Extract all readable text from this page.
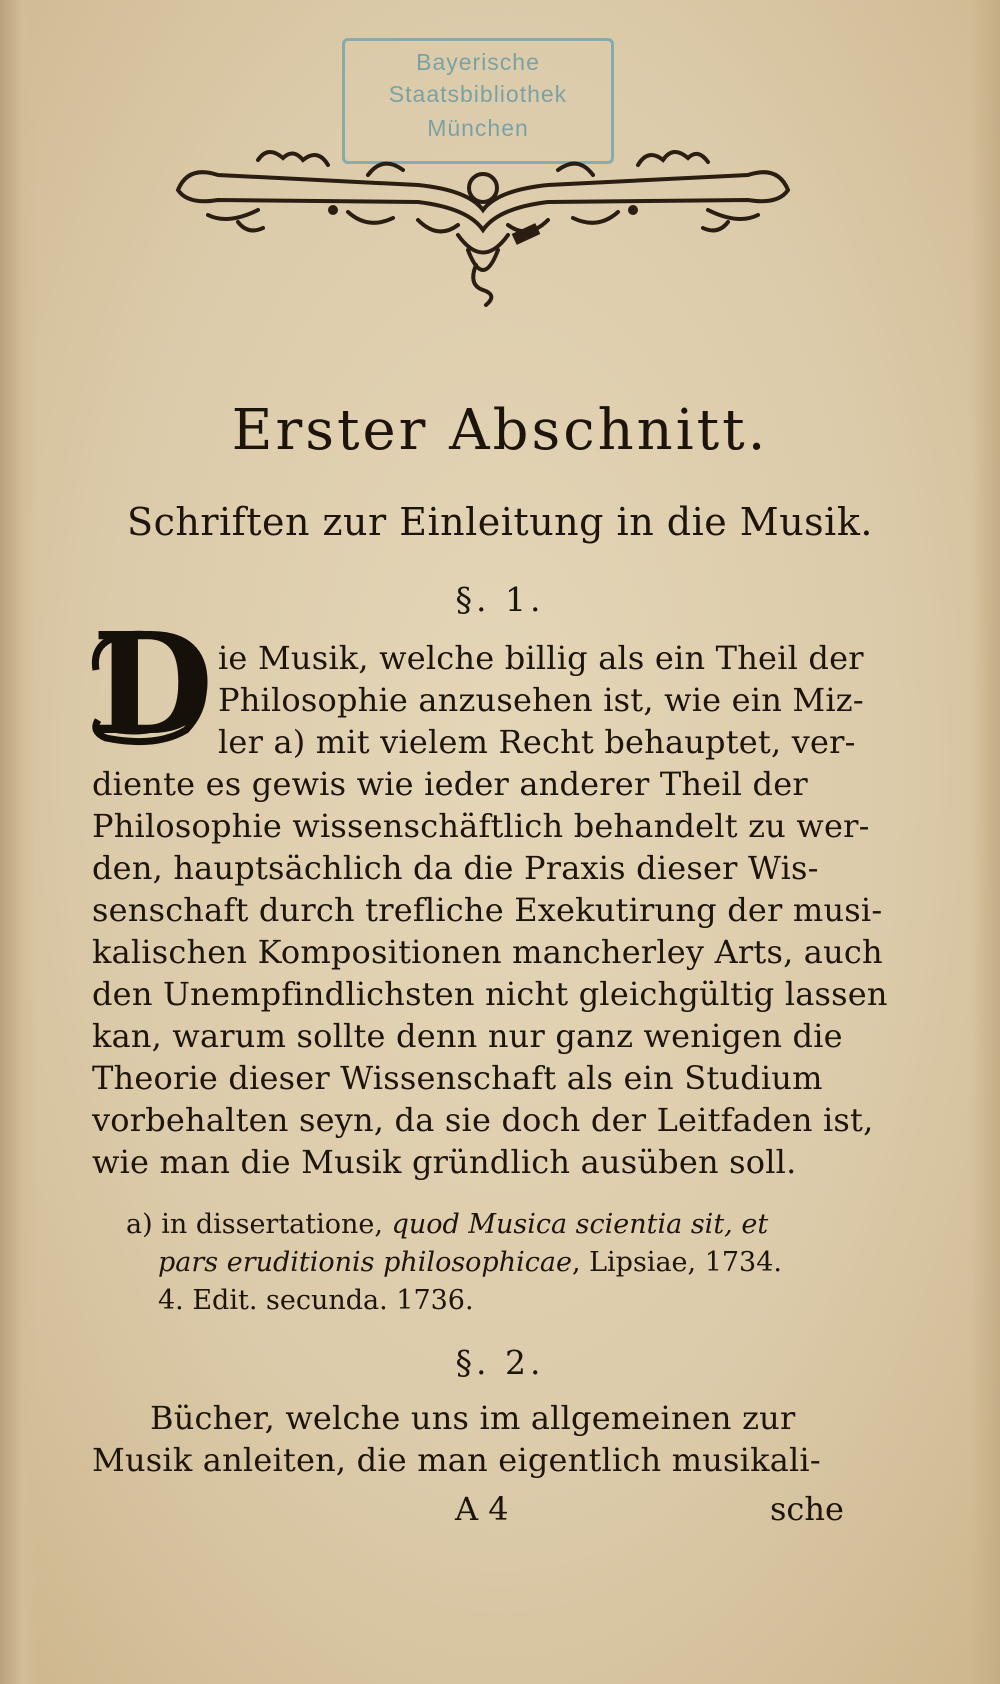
Bayerische
Staatsbibliothek
München
Erster Abschnitt.
Schriften zur Einleitung in die Musik.
§. 1.
D ie Musik, welche billig als ein Theil der
Philosophie anzusehen ist, wie ein Miz-
ler a) mit vielem Recht behauptet, ver-
diente es gewis wie ieder anderer Theil der
Philosophie wissenschäftlich behandelt zu wer-
den, hauptsächlich da die Praxis dieser Wis-
senschaft durch trefliche Exekutirung der musi-
kalischen Kompositionen mancherley Arts, auch
den Unempfindlichsten nicht gleichgültig lassen
kan, warum sollte denn nur ganz wenigen die
Theorie dieser Wissenschaft als ein Studium
vorbehalten seyn, da sie doch der Leitfaden ist,
wie man die Musik gründlich ausüben soll.
a) in dissertatione, quod Musica scientia sit, et
pars eruditionis philosophicae, Lipsiae, 1734.
4. Edit. secunda. 1736.
§. 2.
Bücher, welche uns im allgemeinen zur
Musik anleiten, die man eigentlich musikali-
A 4	sche
